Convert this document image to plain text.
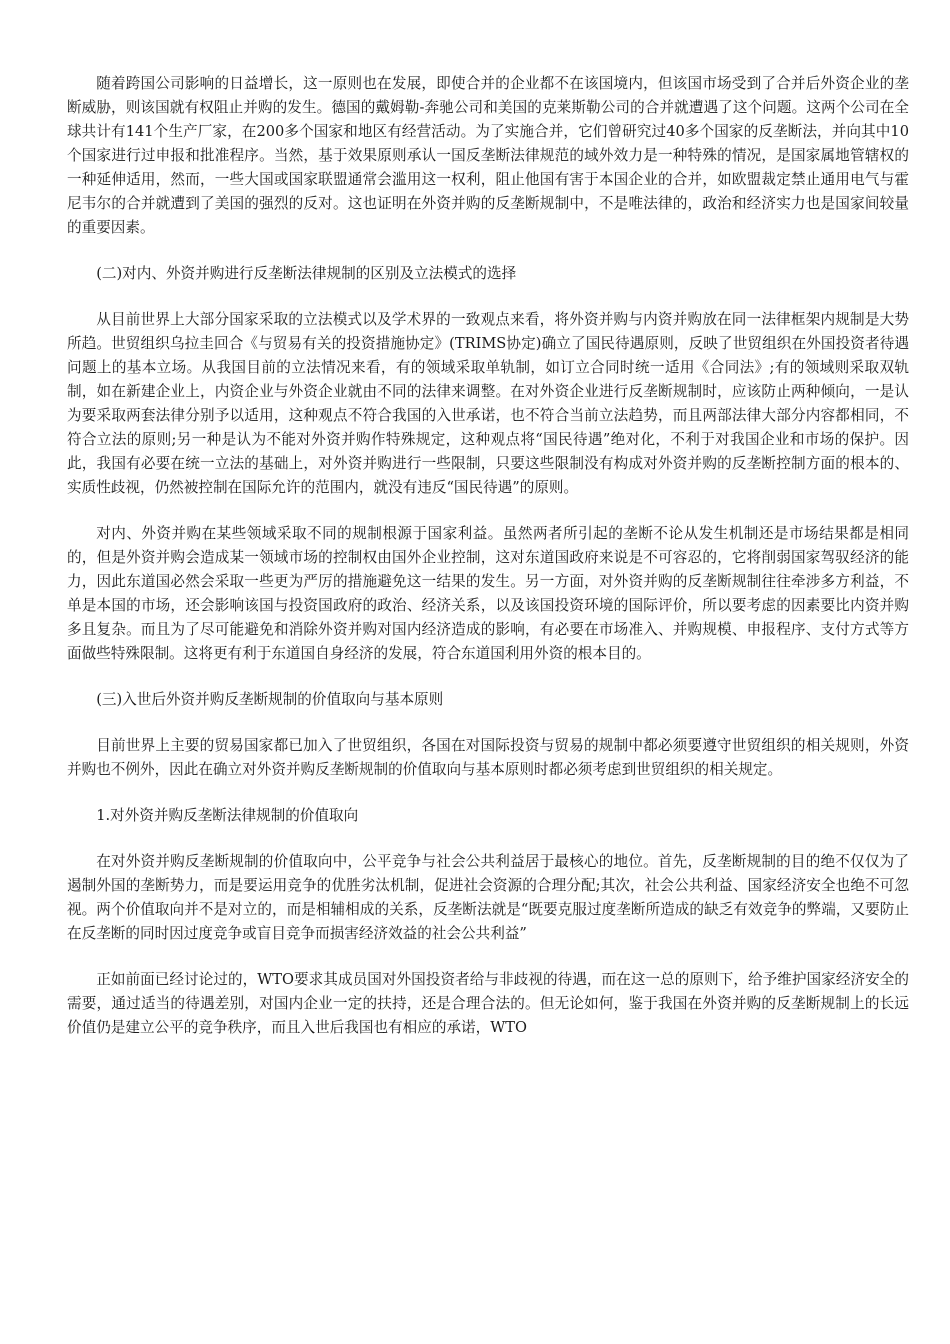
随着跨国公司影响的日益增长，这一原则也在发展，即使合并的企业都不在该国境内，但该国市场受到了合并后外资企业的垄断威胁，则该国就有权阻止并购的发生。德国的戴姆勒-奔驰公司和美国的克莱斯勒公司的合并就遭遇了这个问题。这两个公司在全球共计有141个生产厂家，在200多个国家和地区有经营活动。为了实施合并，它们曾研究过40多个国家的反垄断法，并向其中10个国家进行过申报和批准程序。当然，基于效果原则承认一国反垄断法律规范的域外效力是一种特殊的情况，是国家属地管辖权的一种延伸适用，然而，一些大国或国家联盟通常会滥用这一权利，阻止他国有害于本国企业的合并，如欧盟裁定禁止通用电气与霍尼韦尔的合并就遭到了美国的强烈的反对。这也证明在外资并购的反垄断规制中，不是唯法律的，政治和经济实力也是国家间较量的重要因素。

(二)对内、外资并购进行反垄断法律规制的区别及立法模式的选择

从目前世界上大部分国家采取的立法模式以及学术界的一致观点来看，将外资并购与内资并购放在同一法律框架内规制是大势所趋。世贸组织乌拉圭回合《与贸易有关的投资措施协定》(TRIMS协定)确立了国民待遇原则，反映了世贸组织在外国投资者待遇问题上的基本立场。从我国目前的立法情况来看，有的领域采取单轨制，如订立合同时统一适用《合同法》;有的领域则采取双轨制，如在新建企业上，内资企业与外资企业就由不同的法律来调整。在对外资企业进行反垄断规制时，应该防止两种倾向，一是认为要采取两套法律分别予以适用，这种观点不符合我国的入世承诺，也不符合当前立法趋势，而且两部法律大部分内容都相同，不符合立法的原则;另一种是认为不能对外资并购作特殊规定，这种观点将“国民待遇”绝对化，不利于对我国企业和市场的保护。因此，我国有必要在统一立法的基础上，对外资并购进行一些限制，只要这些限制没有构成对外资并购的反垄断控制方面的根本的、实质性歧视，仍然被控制在国际允许的范围内，就没有违反“国民待遇”的原则。

对内、外资并购在某些领域采取不同的规制根源于国家利益。虽然两者所引起的垄断不论从发生机制还是市场结果都是相同的，但是外资并购会造成某一领域市场的控制权由国外企业控制，这对东道国政府来说是不可容忍的，它将削弱国家驾驭经济的能力，因此东道国必然会采取一些更为严厉的措施避免这一结果的发生。另一方面，对外资并购的反垄断规制往往牵涉多方利益，不单是本国的市场，还会影响该国与投资国政府的政治、经济关系，以及该国投资环境的国际评价，所以要考虑的因素要比内资并购多且复杂。而且为了尽可能避免和消除外资并购对国内经济造成的影响，有必要在市场准入、并购规模、申报程序、支付方式等方面做些特殊限制。这将更有利于东道国自身经济的发展，符合东道国利用外资的根本目的。

(三)入世后外资并购反垄断规制的价值取向与基本原则

目前世界上主要的贸易国家都已加入了世贸组织，各国在对国际投资与贸易的规制中都必须要遵守世贸组织的相关规则，外资并购也不例外，因此在确立对外资并购反垄断规制的价值取向与基本原则时都必须考虑到世贸组织的相关规定。

1.对外资并购反垄断法律规制的价值取向

在对外资并购反垄断规制的价值取向中，公平竞争与社会公共利益居于最核心的地位。首先，反垄断规制的目的绝不仅仅为了遏制外国的垄断势力，而是要运用竞争的优胜劣汰机制，促进社会资源的合理分配;其次，社会公共利益、国家经济安全也绝不可忽视。两个价值取向并不是对立的，而是相辅相成的关系，反垄断法就是“既要克服过度垄断所造成的缺乏有效竞争的弊端，又要防止在反垄断的同时因过度竞争或盲目竞争而损害经济效益的社会公共利益”

正如前面已经讨论过的，WTO要求其成员国对外国投资者给与非歧视的待遇，而在这一总的原则下，给予维护国家经济安全的需要，通过适当的待遇差别，对国内企业一定的扶持，还是合理合法的。但无论如何，鉴于我国在外资并购的反垄断规制上的长远价值仍是建立公平的竞争秩序，而且入世后我国也有相应的承诺，WTO
